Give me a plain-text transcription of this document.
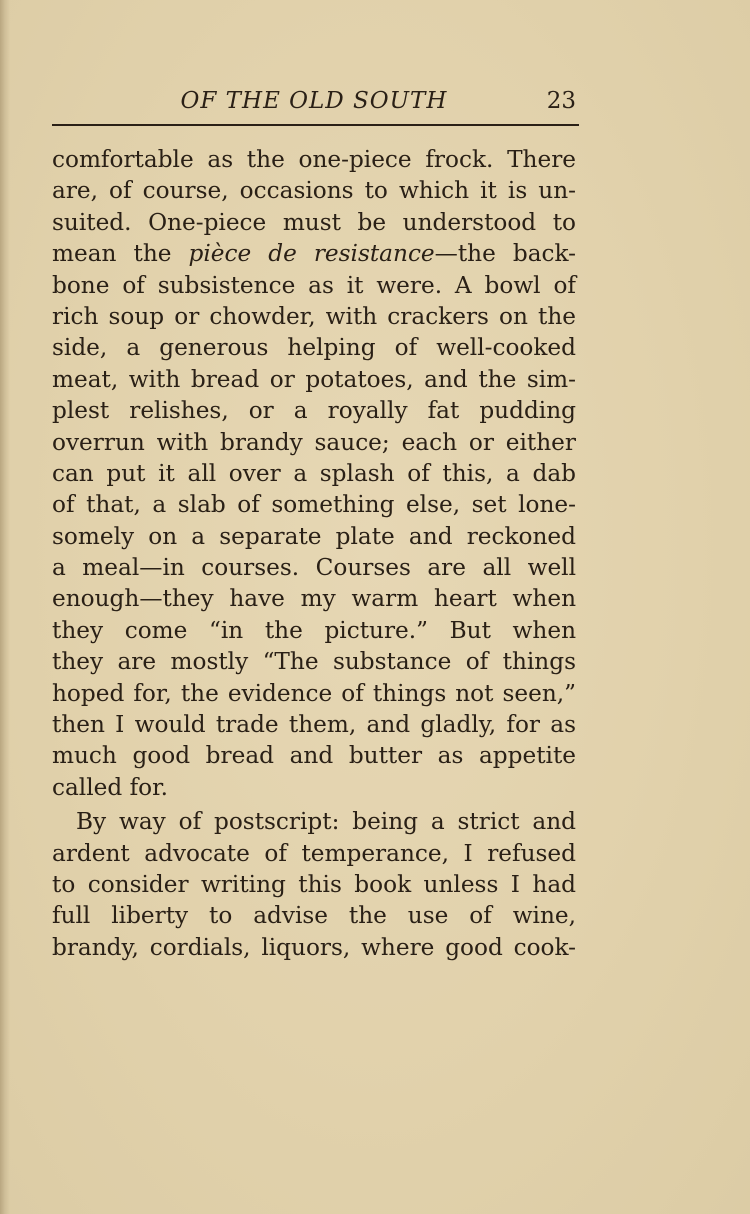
OF THE OLD SOUTH	23
comfortable as the one-piece frock. There
are, of course, occasions to which it is un-
suited. One-piece must be understood to
mean the pièce de resistance—the back-
bone of subsistence as it were. A bowl of
rich soup or chowder, with crackers on the
side, a generous helping of well-cooked
meat, with bread or potatoes, and the sim-
plest relishes, or a royally fat pudding
overrun with brandy sauce; each or either
can put it all over a splash of this, a dab
of that, a slab of something else, set lone-
somely on a separate plate and reckoned
a meal—in courses. Courses are all well
enough—they have my warm heart when
they come “in the picture.” But when
they are mostly “The substance of things
hoped for, the evidence of things not seen,”
then I would trade them, and gladly, for as
much good bread and butter as appetite
called for.
By way of postscript: being a strict and
ardent advocate of temperance, I refused
to consider writing this book unless I had
full liberty to advise the use of wine,
brandy, cordials, liquors, where good cook-
